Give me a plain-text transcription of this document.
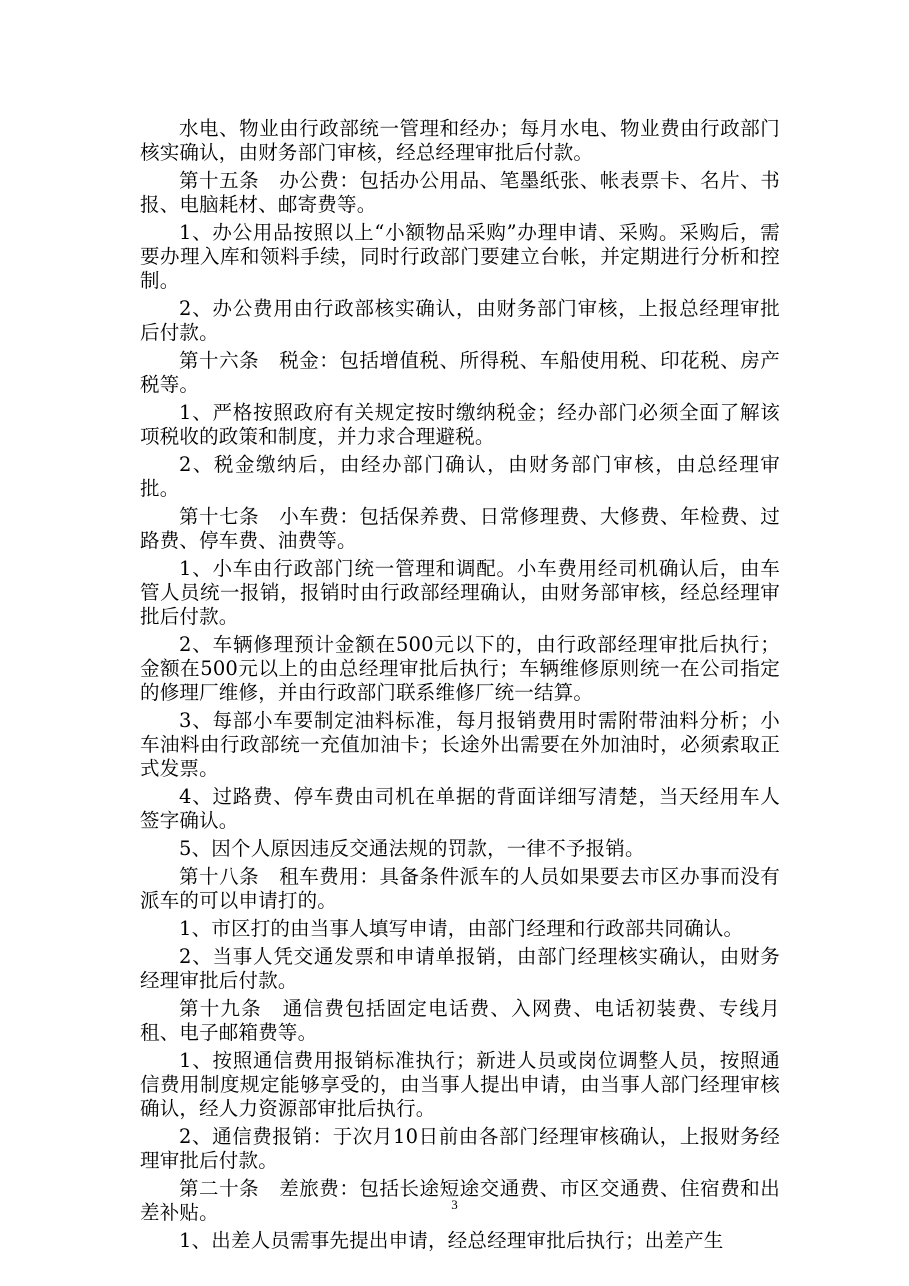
水电、物业由行政部统一管理和经办；每月水电、物业费由行政部门核实确认，由财务部门审核，经总经理审批后付款。

第十五条　办公费：包括办公用品、笔墨纸张、帐表票卡、名片、书报、电脑耗材、邮寄费等。

1、办公用品按照以上“小额物品采购”办理申请、采购。采购后，需要办理入库和领料手续，同时行政部门要建立台帐，并定期进行分析和控制。

2、办公费用由行政部核实确认，由财务部门审核，上报总经理审批后付款。

第十六条　税金：包括增值税、所得税、车船使用税、印花税、房产税等。

1、严格按照政府有关规定按时缴纳税金；经办部门必须全面了解该项税收的政策和制度，并力求合理避税。

2、税金缴纳后，由经办部门确认，由财务部门审核，由总经理审批。

第十七条　小车费：包括保养费、日常修理费、大修费、年检费、过路费、停车费、油费等。

1、小车由行政部门统一管理和调配。小车费用经司机确认后，由车管人员统一报销，报销时由行政部经理确认，由财务部审核，经总经理审批后付款。

2、车辆修理预计金额在500元以下的，由行政部经理审批后执行；金额在500元以上的由总经理审批后执行；车辆维修原则统一在公司指定的修理厂维修，并由行政部门联系维修厂统一结算。

3、每部小车要制定油料标准，每月报销费用时需附带油料分析；小车油料由行政部统一充值加油卡；长途外出需要在外加油时，必须索取正式发票。

4、过路费、停车费由司机在单据的背面详细写清楚，当天经用车人签字确认。

5、因个人原因违反交通法规的罚款，一律不予报销。

第十八条　租车费用：具备条件派车的人员如果要去市区办事而没有派车的可以申请打的。

1、市区打的由当事人填写申请，由部门经理和行政部共同确认。

2、当事人凭交通发票和申请单报销，由部门经理核实确认，由财务经理审批后付款。

第十九条　通信费包括固定电话费、入网费、电话初装费、专线月租、电子邮箱费等。

1、按照通信费用报销标准执行；新进人员或岗位调整人员，按照通信费用制度规定能够享受的，由当事人提出申请，由当事人部门经理审核确认，经人力资源部审批后执行。

2、通信费报销：于次月10日前由各部门经理审核确认，上报财务经理审批后付款。

第二十条　差旅费：包括长途短途交通费、市区交通费、住宿费和出差补贴。

1、出差人员需事先提出申请，经总经理审批后执行；出差产生

3
